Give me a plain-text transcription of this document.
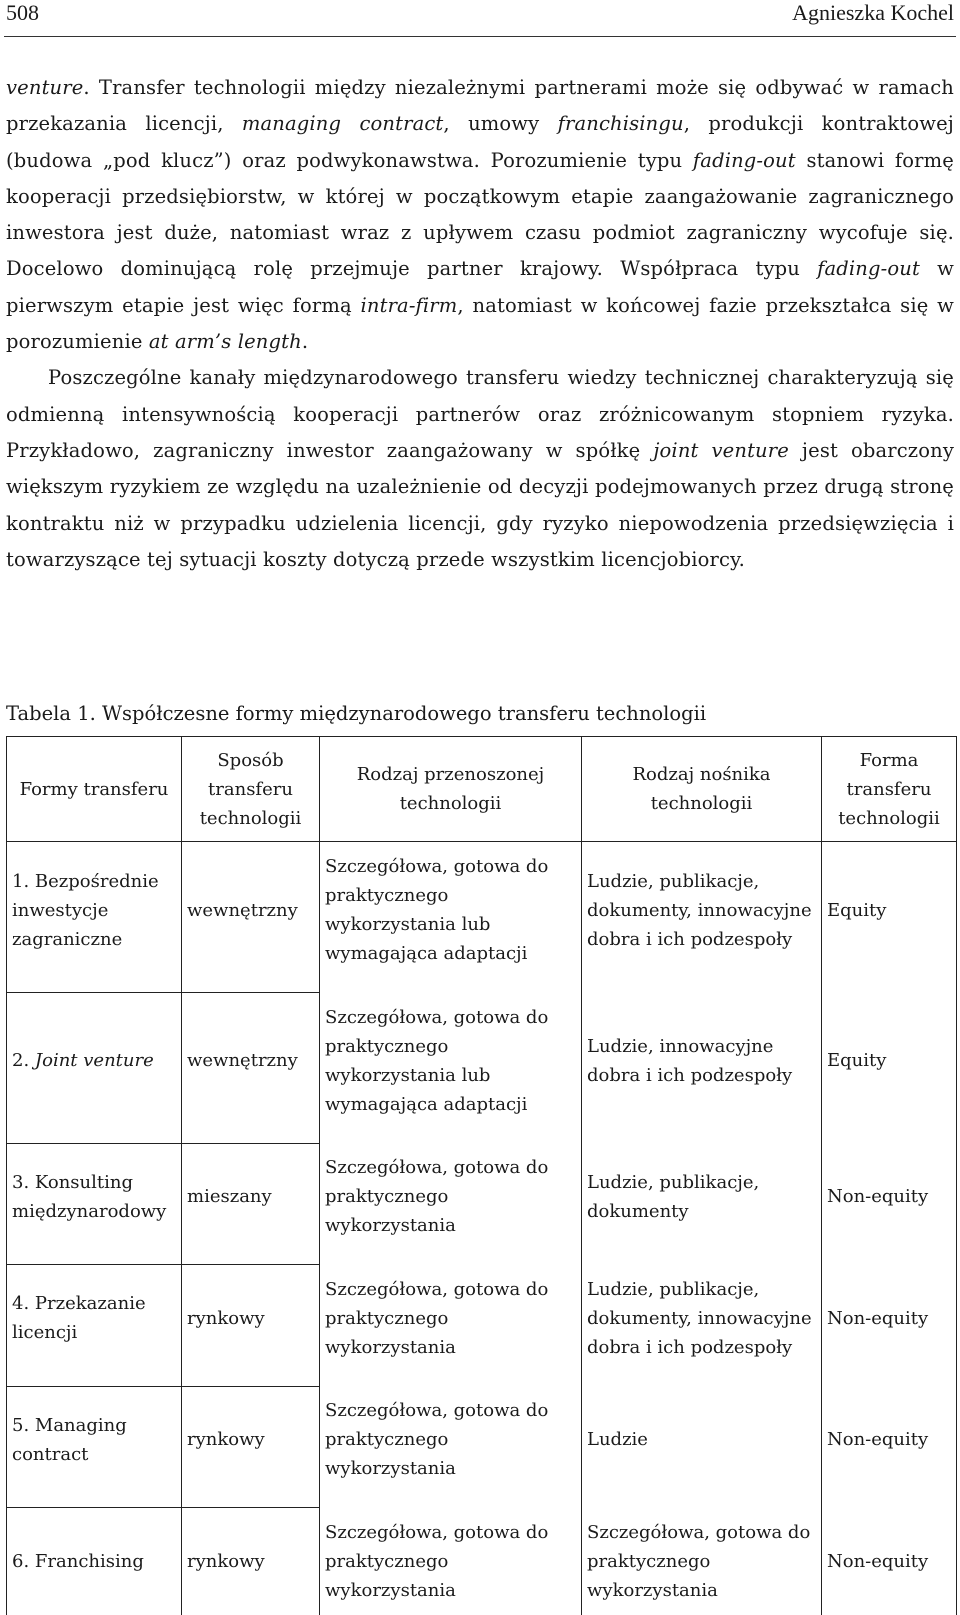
508	Agnieszka Kochel

venture. Transfer technologii między niezależnymi partnerami może się odbywać w ramach przekazania licencji, managing contract, umowy franchisingu, produkcji kontraktowej (budowa „pod klucz”) oraz podwykonawstwa. Porozumienie typu fading-out stanowi formę kooperacji przedsiębiorstw, w której w początkowym etapie zaangażowanie zagranicznego inwestora jest duże, natomiast wraz z upływem czasu podmiot zagraniczny wycofuje się. Docelowo dominującą rolę przejmuje partner krajowy. Współpraca typu fading-out w pierwszym etapie jest więc formą intra-firm, natomiast w końcowej fazie przekształca się w porozumienie at arm’s length.

Poszczególne kanały międzynarodowego transferu wiedzy technicznej charakteryzują się odmienną intensywnością kooperacji partnerów oraz zróżnicowanym stopniem ryzyka. Przykładowo, zagraniczny inwestor zaangażowany w spółkę joint venture jest obarczony większym ryzykiem ze względu na uzależnienie od decyzji podejmowanych przez drugą stronę kontraktu niż w przypadku udzielenia licencji, gdy ryzyko niepowodzenia przedsięwzięcia i towarzyszące tej sytuacji koszty dotyczą przede wszystkim licencjobiorcy.

Tabela 1. Współczesne formy międzynarodowego transferu technologii
Formy transferu	Sposób transferu technologii	Rodzaj przenoszonej technologii	Rodzaj nośnika technologii	Forma transferu technologii

1. Bezpośrednie inwestycje zagraniczne	wewnętrzny	Szczegółowa, gotowa do praktycznego wykorzystania lub wymagająca adaptacji	Ludzie, publikacje, dokumenty, innowacyjne dobra i ich podzespoły	Equity

2. Joint venture	wewnętrzny	Szczegółowa, gotowa do praktycznego wykorzystania lub wymagająca adaptacji	Ludzie, innowacyjne dobra i ich podzespoły	Equity

3. Konsulting międzynarodowy	mieszany	Szczegółowa, gotowa do praktycznego wykorzystania	Ludzie, publikacje, dokumenty	Non-equity

4. Przekazanie licencji	rynkowy	Szczegółowa, gotowa do praktycznego wykorzystania	Ludzie, publikacje, dokumenty, innowacyjne dobra i ich podzespoły	Non-equity

5. Managing contract	rynkowy	Szczegółowa, gotowa do praktycznego wykorzystania	Ludzie	Non-equity

6. Franchising	rynkowy	Szczegółowa, gotowa do praktycznego wykorzystania	Szczegółowa, gotowa do praktycznego wykorzystania	Non-equity
